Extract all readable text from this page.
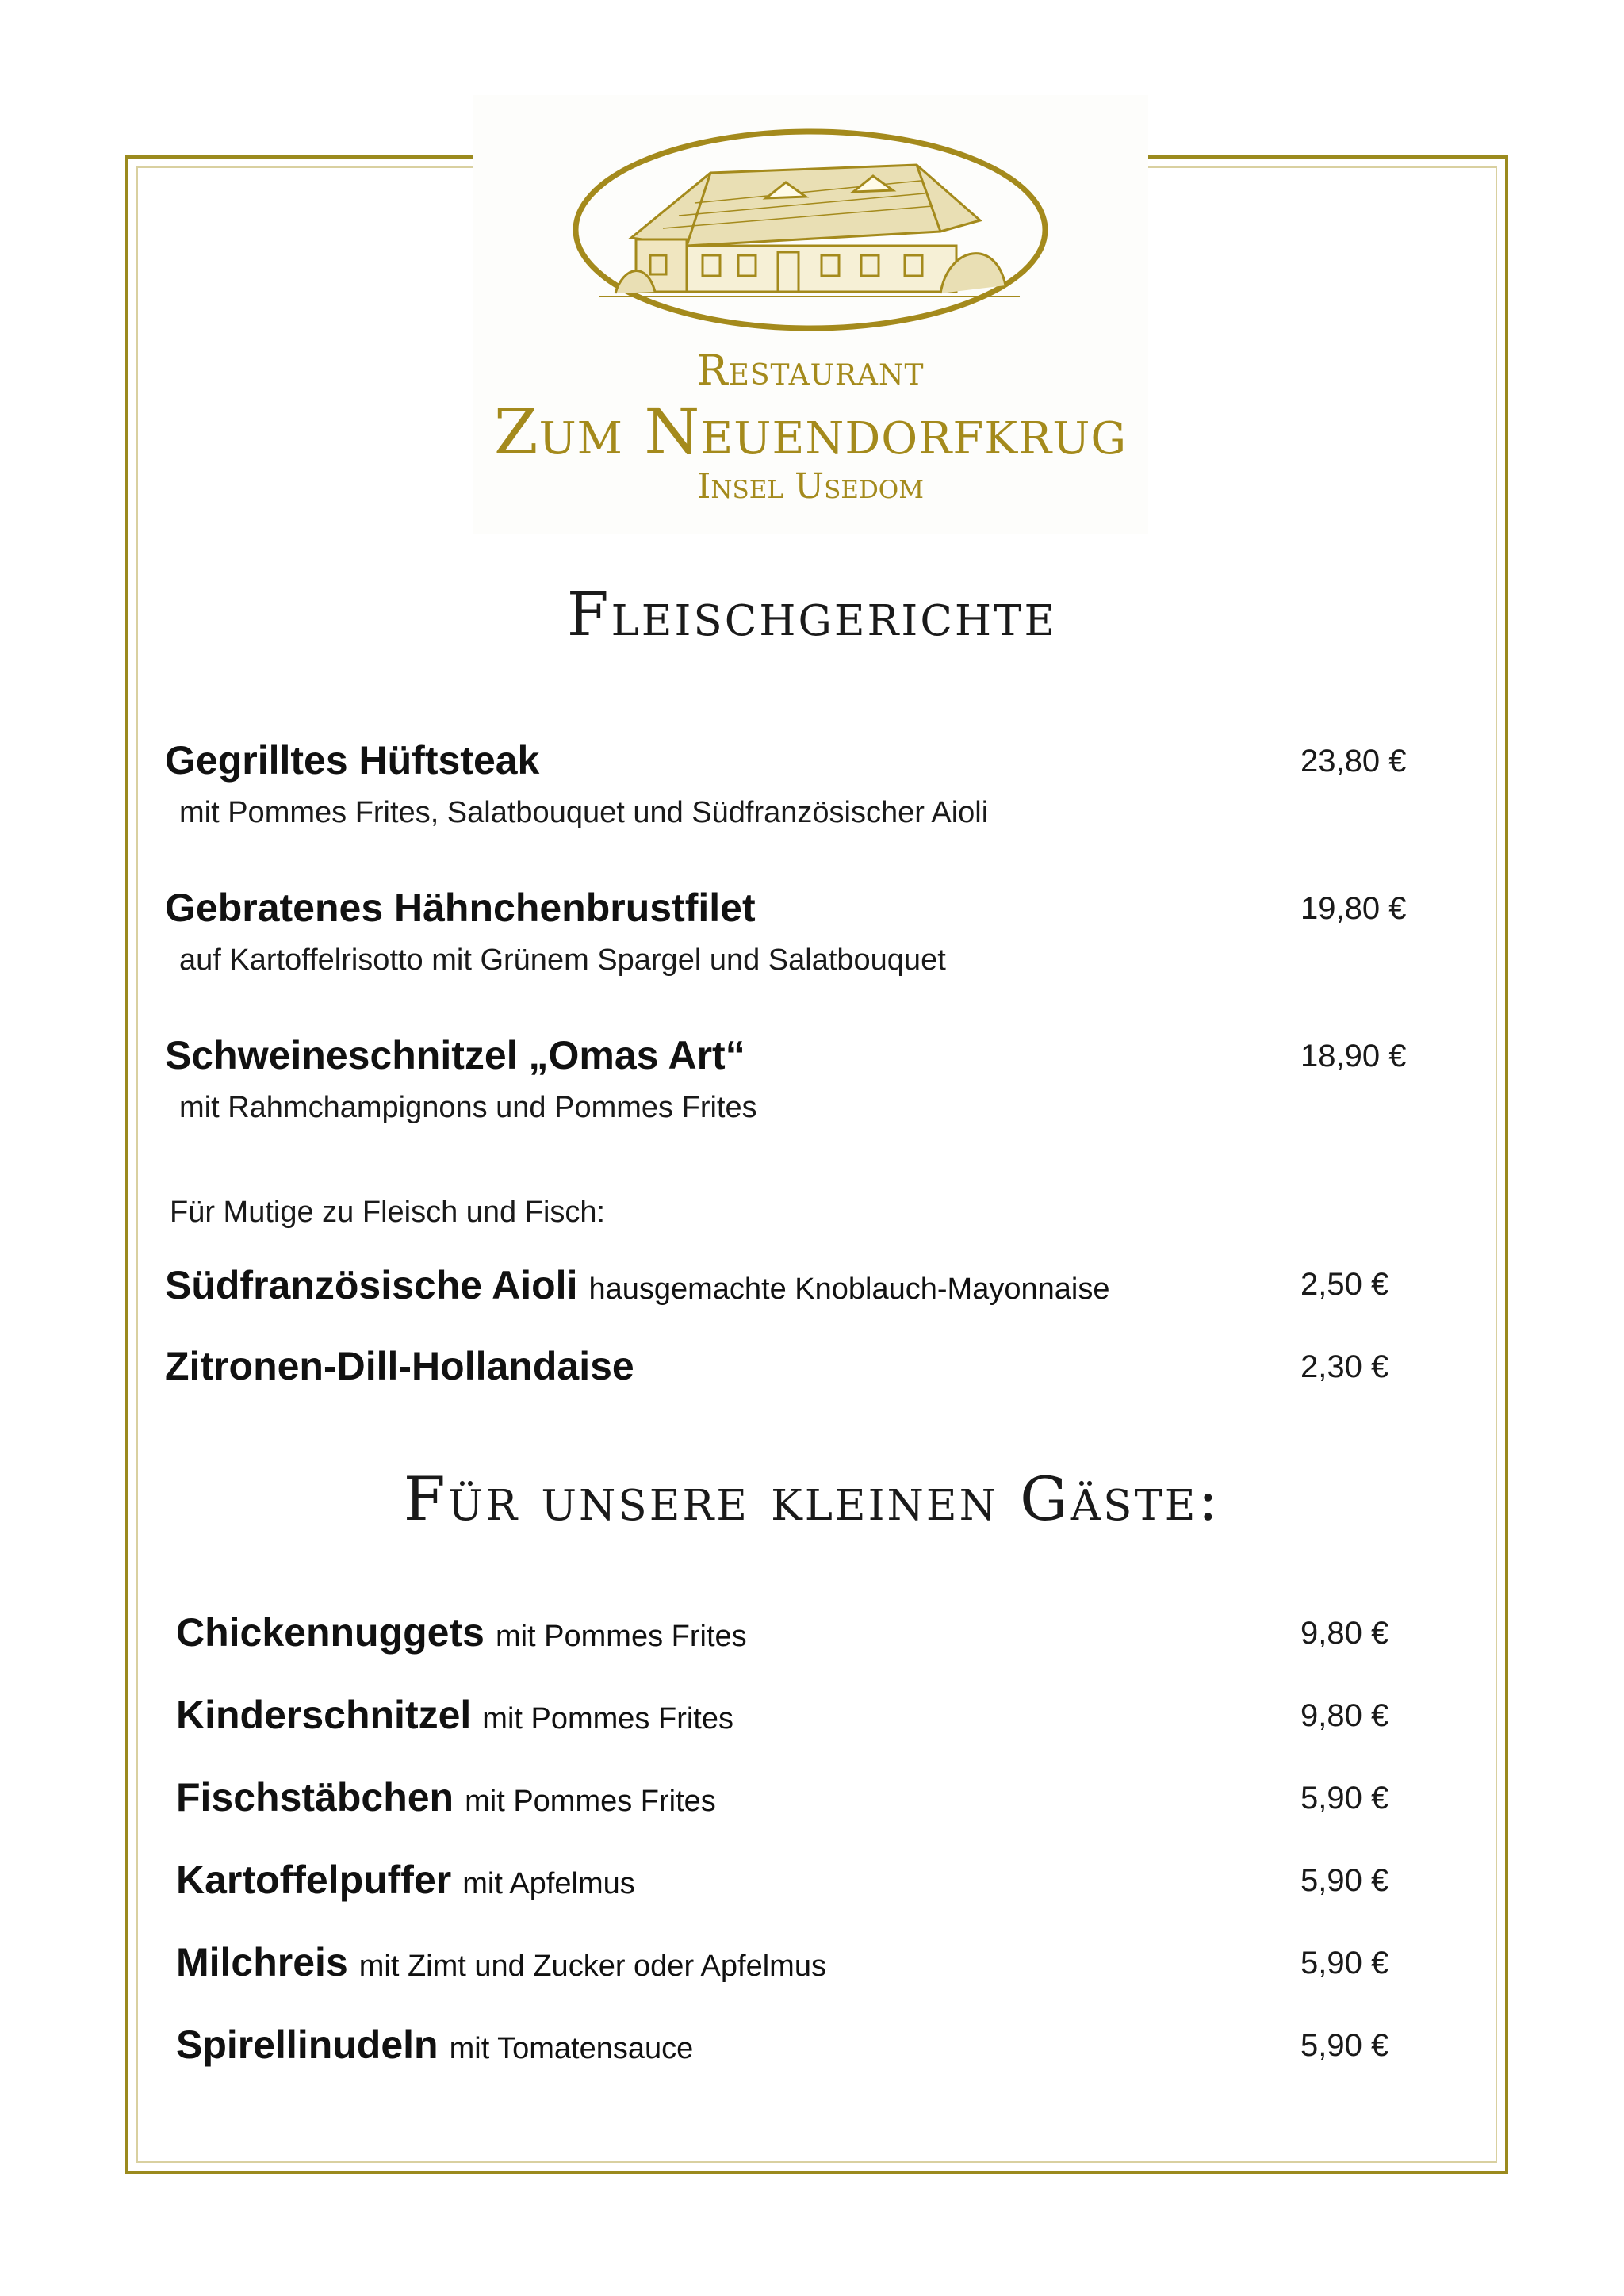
Restaurant
Zum Neuendorfkrug
Insel Usedom
Fleischgerichte
Gegrilltes Hüftsteak	23,80 €
mit Pommes Frites, Salatbouquet und Südfranzösischer Aioli
Gebratenes Hähnchenbrustfilet	19,80 €
auf Kartoffelrisotto mit Grünem Spargel und Salatbouquet
Schweineschnitzel „Omas Art“	18,90 €
mit Rahmchampignons und Pommes Frites
Für Mutige zu Fleisch und Fisch:
Südfranzösische Aioli hausgemachte Knoblauch-Mayonnaise	2,50 €
Zitronen-Dill-Hollandaise	2,30 €
Für unsere kleinen Gäste:
Chickennuggets mit Pommes Frites	9,80 €
Kinderschnitzel mit Pommes Frites	9,80 €
Fischstäbchen mit Pommes Frites	5,90 €
Kartoffelpuffer mit Apfelmus	5,90 €
Milchreis mit Zimt und Zucker oder Apfelmus	5,90 €
Spirellinudeln mit Tomatensauce	5,90 €
